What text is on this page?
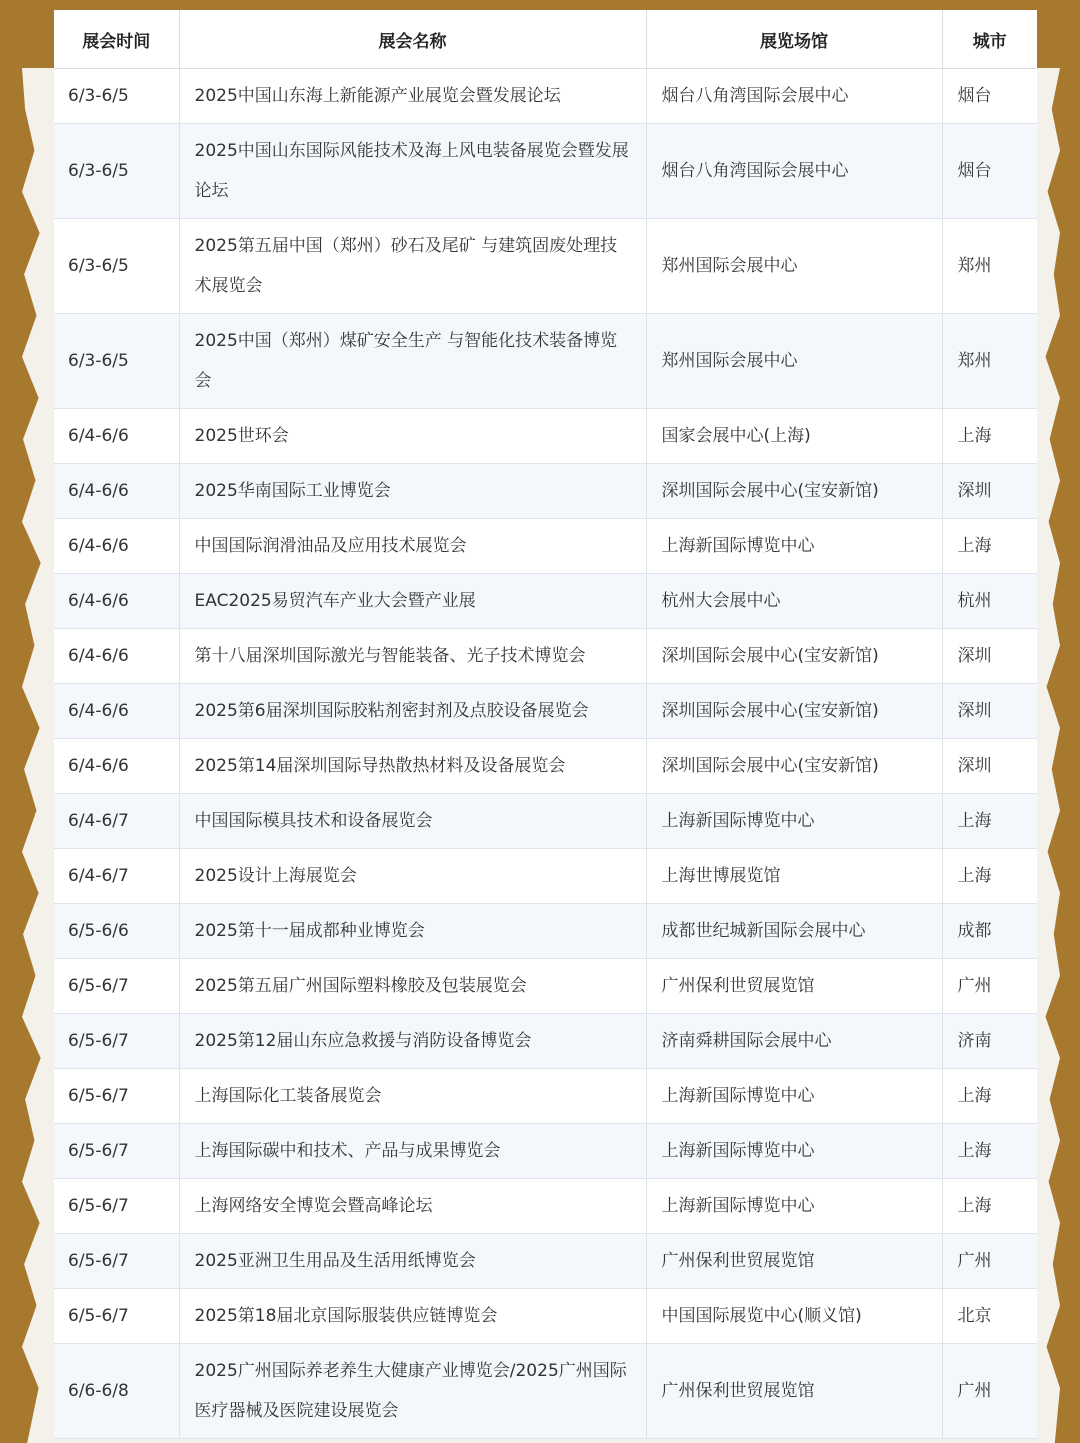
展会时间	展会名称	展览场馆	城市
6/3-6/5	2025中国山东海上新能源产业展览会暨发展论坛	烟台八角湾国际会展中心	烟台
6/3-6/5	2025中国山东国际风能技术及海上风电装备展览会暨发展论坛	烟台八角湾国际会展中心	烟台
6/3-6/5	2025第五届中国（郑州）砂石及尾矿 与建筑固废处理技术展览会	郑州国际会展中心	郑州
6/3-6/5	2025中国（郑州）煤矿安全生产 与智能化技术装备博览会	郑州国际会展中心	郑州
6/4-6/6	2025世环会	国家会展中心(上海)	上海
6/4-6/6	2025华南国际工业博览会	深圳国际会展中心(宝安新馆)	深圳
6/4-6/6	中国国际润滑油品及应用技术展览会	上海新国际博览中心	上海
6/4-6/6	EAC2025易贸汽车产业大会暨产业展	杭州大会展中心	杭州
6/4-6/6	第十八届深圳国际激光与智能装备、光子技术博览会	深圳国际会展中心(宝安新馆)	深圳
6/4-6/6	2025第6届深圳国际胶粘剂密封剂及点胶设备展览会	深圳国际会展中心(宝安新馆)	深圳
6/4-6/6	2025第14届深圳国际导热散热材料及设备展览会	深圳国际会展中心(宝安新馆)	深圳
6/4-6/7	中国国际模具技术和设备展览会	上海新国际博览中心	上海
6/4-6/7	2025设计上海展览会	上海世博展览馆	上海
6/5-6/6	2025第十一届成都种业博览会	成都世纪城新国际会展中心	成都
6/5-6/7	2025第五届广州国际塑料橡胶及包装展览会	广州保利世贸展览馆	广州
6/5-6/7	2025第12届山东应急救援与消防设备博览会	济南舜耕国际会展中心	济南
6/5-6/7	上海国际化工装备展览会	上海新国际博览中心	上海
6/5-6/7	上海国际碳中和技术、产品与成果博览会	上海新国际博览中心	上海
6/5-6/7	上海网络安全博览会暨高峰论坛	上海新国际博览中心	上海
6/5-6/7	2025亚洲卫生用品及生活用纸博览会	广州保利世贸展览馆	广州
6/5-6/7	2025第18届北京国际服装供应链博览会	中国国际展览中心(顺义馆)	北京
6/6-6/8	2025广州国际养老养生大健康产业博览会/2025广州国际医疗器械及医院建设展览会	广州保利世贸展览馆	广州
